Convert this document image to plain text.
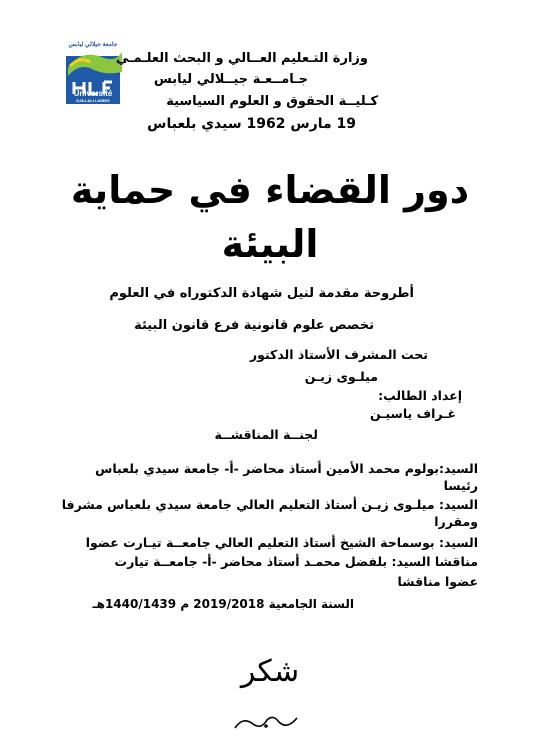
جامعة جيلالي ليابس
Université
DJILLALI LIABES
وزارة التـعليم العــالي و البحث العلـمـي
جـامــعـة جيــلالي ليابس
كـليــة الحقوق و العلوم السياسية
19 مارس 1962 سيدي بلعباس
دور القضاء في حماية
البيئة
أطروحة مقدمة لنيل شهادة الدكتوراه في العلوم
تخصص علوم قانونية فرع قانون البيئة
تحت المشرف الأستاذ الدكتور
ميلـوى زيـن
إعداد الطالب:
غـراف ياسيـن
لجنــة المناقشــة
السيد:بولوم محمد الأمين أستاذ محاضر -أ- جامعة سيدي بلعباس
رئيسا
السيد: ميلـوى زيـن أستاذ التعليم العالي جامعة سيدي بلعباس مشرفا
ومقررا
السيد: بوسماحة الشيخ أستاذ التعليم العالي جامعــة تيـارت عضوا
مناقشا السيد: بلفضل محمـد أستاذ محاضر -أ- جامعــة تيارت
عضوا مناقشا
السنة الجامعية 2019/2018 م 1440/1439هـ
شكر
